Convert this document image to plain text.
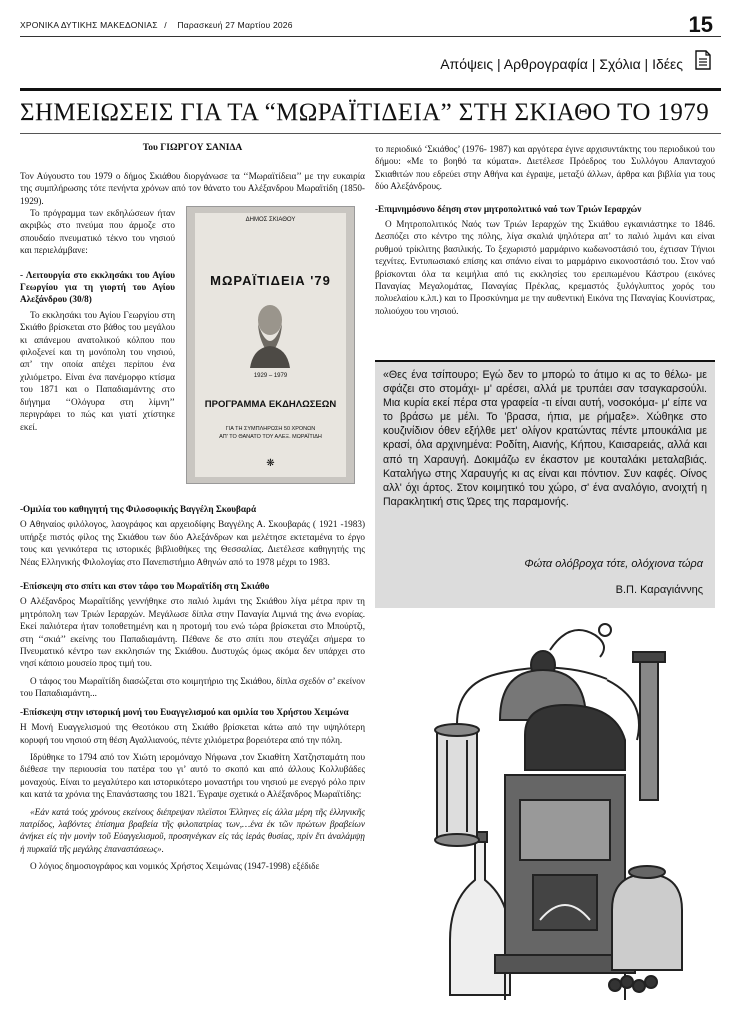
ΧΡΟΝΙΚΑ ΔΥΤΙΚΗΣ ΜΑΚΕΔΟΝΙΑΣ / Παρασκευή 27 Μαρτίου 2026	15
Απόψεις | Αρθρογραφία | Σχόλια | Ιδέες
ΣΗΜΕΙΩΣΕΙΣ ΓΙΑ ΤΑ “ΜΩΡΑΪΤΙΔΕΙΑ” ΣΤΗ ΣΚΙΑΘΟ ΤΟ 1979
Του ΓΙΩΡΓΟΥ ΣΑΝΙΔΑ

Τον Αύγουστο του 1979 ο δήμος Σκιάθου διοργάνωσε τα ‘‘Μωραϊτίδεια’’ με την ευκαιρία της συμπλήρωσης τότε πενήντα χρόνων από τον θάνατο του Αλέξανδρου Μωραϊτίδη (1850-1929).

Το πρόγραμμα των εκδηλώσεων ήταν ακριβώς στο πνεύμα που άρμοζε στο σπουδαίο πνευματικό τέκνο του νησιού και περιελάμβανε:

- Λειτουργία στο εκκλησάκι του Αγίου Γεωργίου για τη γιορτή του Αγίου Αλεξάνδρου (30/8)

Το εκκλησάκι του Αγίου Γεωργίου στη Σκιάθο βρίσκεται στο βάθος του μεγάλου κι απάνεμου ανατολικού κόλπου που φιλοξενεί και τη μονόπολη του νησιού, απ’ την οποία απέχει περίπου ένα χιλιόμετρο. Είναι ένα πανέμορφο κτίσμα του 1871 και ο Παπαδιαμάντης στο διήγημα ‘‘Ολόγυρα στη λίμνη’’ περιγράφει το πώς και γιατί χτίστηκε εκεί.

ΔΗΜΟΣ ΣΚΙΑΘΟΥ
ΜΩΡΑΪΤΙΔΕΙΑ '79
1929 – 1979
ΠΡΟΓΡΑΜΜΑ ΕΚΔΗΛΩΣΕΩΝ
ΓΙΑ ΤΗ ΣΥΜΠΛΗΡΩΣΗ 50 ΧΡΟΝΩΝ
ΑΠ' ΤΟ ΘΑΝΑΤΟ ΤΟΥ ΑΛΕΞ. ΜΩΡΑΪΤΙΔΗ
❋
-Ομιλία του καθηγητή της Φιλοσοφικής Βαγγέλη Σκουβαρά

Ο Αθηναίος φιλόλογος, λαογράφος και αρχειοδίφης Βαγγέλης Α. Σκουβαράς ( 1921 -1983) υπήρξε πιστός φίλος της Σκιάθου των δύο Αλεξάνδρων και μελέτησε εκτεταμένα το έργο τους και γενικότερα τις ιστορικές βιβλιοθήκες της Θεσσαλίας. Διετέλεσε καθηγητής της Νέας Ελληνικής Φιλολογίας στο Πανεπιστήμιο Αθηνών από το 1978 μέχρι το 1983.

-Επίσκεψη στο σπίτι και στον τάφο του Μωραϊτίδη στη Σκιάθο

Ο Αλέξανδρος Μωραϊτίδης γεννήθηκε στο παλιό λιμάνι της Σκιάθου λίγα μέτρα πριν τη μητρόπολη των Τριών Ιεραρχών. Μεγάλωσε δίπλα στην Παναγία Λιμνιά της άνω ενορίας. Εκεί παλιότερα ήταν τοποθετημένη και η προτομή του ενώ τώρα βρίσκεται στο Μπούρτζι, στη ‘‘σκιά’’ εκείνης του Παπαδιαμάντη. Πέθανε δε στο σπίτι που στεγάζει σήμερα το Πνευματικό κέντρο των εκκλησιών της Σκιάθου. Δυστυχώς όμως ακόμα δεν υπάρχει στο νησί κάποιο μουσείο προς τιμή του.

Ο τάφος του Μωραϊτίδη διασώζεται στο κοιμητήριο της Σκιάθου, δίπλα σχεδόν σ’ εκείνον του Παπαδιαμάντη...

-Επίσκεψη στην ιστορική μονή του Ευαγγελισμού και ομιλία του Χρήστου Χειμώνα

Η Μονή Ευαγγελισμού της Θεοτόκου στη Σκιάθο βρίσκεται κάτω από την υψηλότερη κορυφή του νησιού στη θέση Αγαλλιανούς, πέντε χιλιόμετρα βορειότερα από την πόλη.

Ιδρύθηκε το 1794 από τον Χιώτη ιερομόναχο Νήφωνα ,τον Σκιαθίτη Χατζησταμάτη που διέθεσε την περιουσία του πατέρα του γι’ αυτό το σκοπό και από άλλους Κολλυβάδες μοναχούς. Είναι το μεγαλύτερο και ιστορικότερο μοναστήρι του νησιού με ενεργό ρόλο πριν και κατά τα χρόνια της Επανάστασης του 1821. Έγραψε σχετικά ο Αλέξανδρος Μωραϊτίδης:

«Εάν κατά τούς χρόνους εκείνους διέπρεψαν πλεϊστοι Έλληνες είς άλλα μέρη τῆς ἑλληνικῆς πατρίδος, λαβόντες ἐπίσημα βραβεία τῆς φιλοπατρίας των,…ένα έκ τῶν πρώτων βραβείων ἀνήκει εἰς τὴν μονὴν τοῦ Εὐαγγελισμοῦ, προσηνέγκαν εἰς τάς ἱεράς θυσίας, πρίν ἔτι ἀναλάμψῃ ἡ πυρκαϊά τῆς μεγάλης ἐπαναστάσεως».

Ο λόγιος δημοσιογράφος και νομικός Χρήστος Χειμώνας (1947-1998) εξέδιδε

το περιοδικό ‘Σκιάθος’ (1976- 1987) και αργότερα έγινε αρχισυντάκτης του περιοδικού του δήμου: «Με το βοηθό τα κύματα». Διετέλεσε Πρόεδρος του Συλλόγου Απανταχού Σκιαθιτών που εδρεύει στην Αθήνα και έγραψε, μεταξύ άλλων, άρθρα και βιβλία για τους δύο Αλεξάνδρους.

-Επιμνημόσυνο δέηση στον μητροπολιτικό ναό των Τριών Ιεραρχών

Ο Μητροπολιτικός Ναός των Τριών Ιεραρχών της Σκιάθου εγκαινιάστηκε το 1846. Δεσπόζει στο κέντρο της πόλης, λίγα σκαλιά ψηλότερα απ’ το παλιό λιμάνι και είναι ρυθμού τρίκλιτης βασιλικής. Το ξεχωριστό μαρμάρινο κωδωνοστάσιό του, έχτισαν Τήνιοι τεχνίτες. Εντυπωσιακό επίσης και σπάνιο είναι το μαρμάρινο εικονοστάσιό του. Στον ναό βρίσκονται όλα τα κειμήλια από τις εκκλησίες του ερειπωμένου Κάστρου (εικόνες Παναγίας Μεγαλομάτας, Παναγίας Πρέκλας, κρεμαστός ξυλόγλυπτος χορός του πολυελαίου κ.λπ.) και το Προσκύνημα με την αυθεντική Εικόνα της Παναγίας Κουνίστρας, πολιούχου του νησιού.

«Θες ένα τσίπουρο; Εγώ δεν το μπορώ το άτιμο κι ας το θέλω- με σφάζει στο στομάχι- μ' αρέσει, αλλά με τρυπάει σαν τσαγκαρσούλι. Μια κυρία εκεί πέρα στα γραφεία -τι είναι αυτή, νοσοκόμα- μ' είπε να το βράσω με μέλι. Το 'βρασα, ήπια, με ρήμαξε». Χώθηκε στο κουζινίδιον όθεν εξήλθε μετ' ολίγον κρατώντας πέντε μπουκάλια με κρασί, όλα αρχινημένα: Ροδίτη, Αιανής, Κήπου, Καισαρειάς, αλλά και από τη Χαραυγή. Δοκιμάζω εν έκαστον με κουταλάκι μεταλαβιάς. Καταλήγω στης Χαραυγής κι ας είναι και πόντιον. Συν καφές. Οίνος αλλ' όχι άρτος. Στον κοιμητικό του χώρο, σ' ένα αναλόγιο, ανοιχτή η Παρακλητική στις Ώρες της παραμονής.
Φώτα ολόβροχα τότε, ολόχιονα τώρα
Β.Π. Καραγιάννης
